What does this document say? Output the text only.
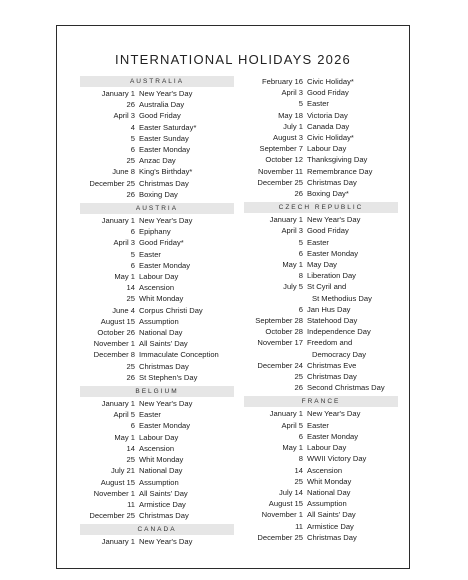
INTERNATIONAL HOLIDAYS 2026
AUSTRALIA
January 1 New Year's Day
26 Australia Day
April 3 Good Friday
4 Easter Saturday*
5 Easter Sunday
6 Easter Monday
25 Anzac Day
June 8 King's Birthday*
December 25 Christmas Day
26 Boxing Day
AUSTRIA
January 1 New Year's Day
6 Epiphany
April 3 Good Friday*
5 Easter
6 Easter Monday
May 1 Labour Day
14 Ascension
25 Whit Monday
June 4 Corpus Christi Day
August 15 Assumption
October 26 National Day
November 1 All Saints' Day
December 8 Immaculate Conception
25 Christmas Day
26 St Stephen's Day
BELGIUM
January 1 New Year's Day
April 5 Easter
6 Easter Monday
May 1 Labour Day
14 Ascension
25 Whit Monday
July 21 National Day
August 15 Assumption
November 1 All Saints' Day
11 Armistice Day
December 25 Christmas Day
CANADA
January 1 New Year's Day
February 16 Civic Holiday*
April 3 Good Friday
5 Easter
May 18 Victoria Day
July 1 Canada Day
August 3 Civic Holiday*
September 7 Labour Day
October 12 Thanksgiving Day
November 11 Remembrance Day
December 25 Christmas Day
26 Boxing Day*
CZECH REPUBLIC
January 1 New Year's Day
April 3 Good Friday
5 Easter
6 Easter Monday
May 1 May Day
8 Liberation Day
July 5 St Cyril and
St Methodius Day
6 Jan Hus Day
September 28 Statehood Day
October 28 Independence Day
November 17 Freedom and
Democracy Day
December 24 Christmas Eve
25 Christmas Day
26 Second Christmas Day
FRANCE
January 1 New Year's Day
April 5 Easter
6 Easter Monday
May 1 Labour Day
8 WWII Victory Day
14 Ascension
25 Whit Monday
July 14 National Day
August 15 Assumption
November 1 All Saints' Day
11 Armistice Day
December 25 Christmas Day
